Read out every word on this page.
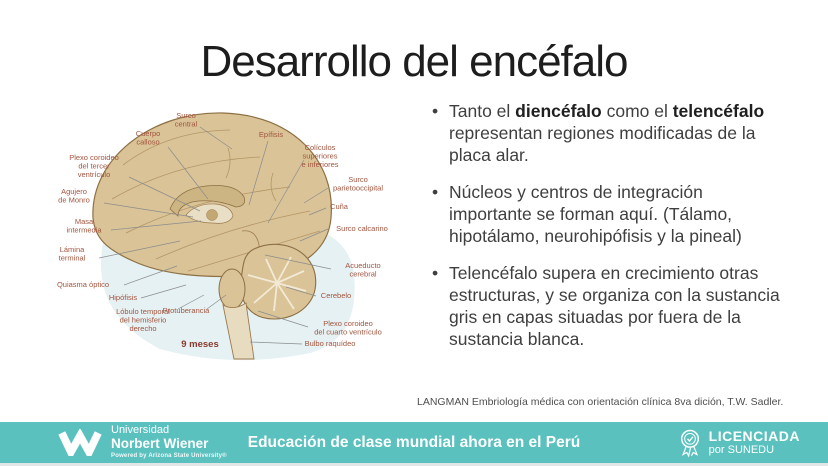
Desarrollo del encéfalo
Surco central
Cuerpo calloso
Epífisis
Colículos superiores e inferiores
Surco parietooccipital
Cuña
Surco calcarino
Plexo coroideo del tercer ventrículo
Agujero de Monro
Masa intermedia
Lámina terminal
Quiasma óptico
Hipófisis
Lóbulo temporal del hemisferio derecho
Protuberancia
Acueducto cerebral
Cerebelo
Plexo coroideo del cuarto ventrículo
Bulbo raquídeo
9 meses
• Tanto el diencéfalo como el telencéfalo representan regiones modificadas de la placa alar.
• Núcleos y centros de integración importante se forman aquí. (Tálamo, hipotálamo, neurohipófisis y la pineal)
• Telencéfalo supera en crecimiento otras estructuras, y se organiza con la sustancia gris en capas situadas por fuera de la sustancia blanca.
LANGMAN Embriología médica con orientación clínica 8va dición, T.W. Sadler.
Universidad
Norbert Wiener
Powered by Arizona State University®
Educación de clase mundial ahora en el Perú	LICENCIADA
por SUNEDU
